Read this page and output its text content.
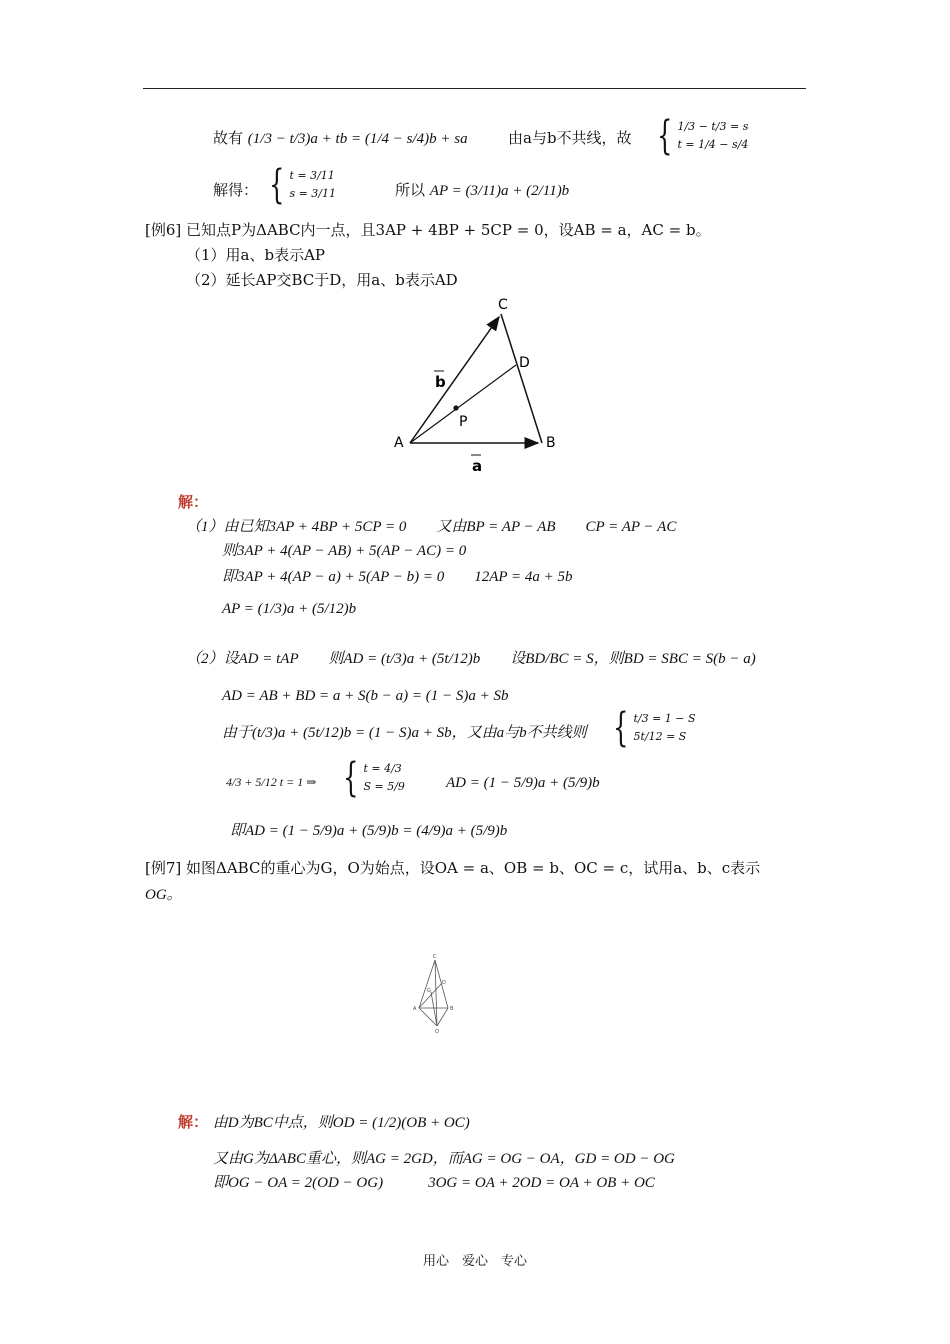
故有 (1/3 − t/3)a + tb = (1/4 − s/4)b + sa	由a与b不共线，故 { 1/3 − t/3 = s
t = 1/4 − s/4
解得： { t = 3/11
s = 3/11	所以 AP = (3/11)a + (2/11)b
[例6] 已知点P为ΔABC内一点，且3AP + 4BP + 5CP = 0，设AB = a，AC = b。
（1）用a、b表示AP
（2）延长AP交BC于D，用a、b表示AD
A	B
C
D
P
a
b
解：
（1）由已知3AP + 4BP + 5CP = 0　　又由BP = AP − AB　　CP = AP − AC
则3AP + 4(AP − AB) + 5(AP − AC) = 0
即3AP + 4(AP − a) + 5(AP − b) = 0　　12AP = 4a + 5b
AP = (1/3)a + (5/12)b
（2）设AD = tAP　　则AD = (t/3)a + (5t/12)b　　设BD/BC = S，则BD = SBC = S(b − a)
AD = AB + BD = a + S(b − a) = (1 − S)a + Sb
由于(t/3)a + (5t/12)b = (1 − S)a + Sb，又由a与b不共线则 { t/3 = 1 − S
5t/12 = S
4/3 + 5/12 t = 1 ⇒ { t = 4/3
S = 5/9	AD = (1 − 5/9)a + (5/9)b
即AD = (1 − 5/9)a + (5/9)b = (4/9)a + (5/9)b
[例7] 如图ΔABC的重心为G，O为始点，设OA = a、OB = b、OC = c，试用a、b、c表示
OG。
C
A	B
D
G
O
解： 由D为BC中点，则OD = (1/2)(OB + OC)
又由G为ΔABC重心，则AG = 2GD，而AG = OG − OA，GD = OD − OG
即OG − OA = 2(OD − OG)　　　3OG = OA + 2OD = OA + OB + OC
用心　爱心　专心
